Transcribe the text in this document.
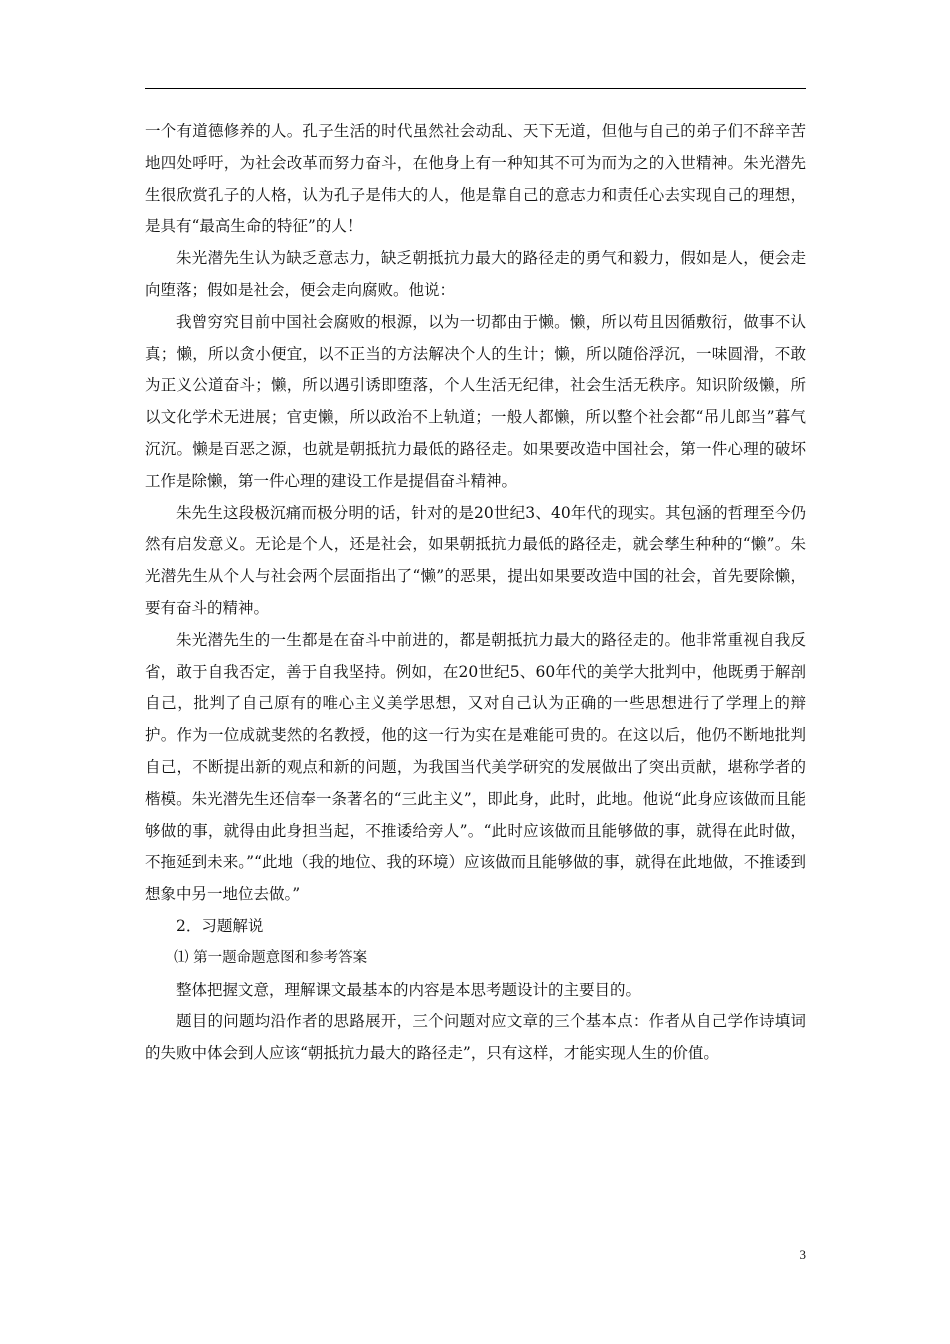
一个有道德修养的人。孔子生活的时代虽然社会动乱、天下无道，但他与自己的弟子们不辞辛苦地四处呼吁，为社会改革而努力奋斗，在他身上有一种知其不可为而为之的入世精神。朱光潜先生很欣赏孔子的人格，认为孔子是伟大的人，他是靠自己的意志力和责任心去实现自己的理想，是具有“最高生命的特征”的人！

朱光潜先生认为缺乏意志力，缺乏朝抵抗力最大的路径走的勇气和毅力，假如是人，便会走向堕落；假如是社会，便会走向腐败。他说：

我曾穷究目前中国社会腐败的根源，以为一切都由于懒。懒，所以苟且因循敷衍，做事不认真；懒，所以贪小便宜，以不正当的方法解决个人的生计；懒，所以随俗浮沉，一味圆滑，不敢为正义公道奋斗；懒，所以遇引诱即堕落，个人生活无纪律，社会生活无秩序。知识阶级懒，所以文化学术无进展；官吏懒，所以政治不上轨道；一般人都懒，所以整个社会都“吊儿郎当”暮气沉沉。懒是百恶之源，也就是朝抵抗力最低的路径走。如果要改造中国社会，第一件心理的破坏工作是除懒，第一件心理的建设工作是提倡奋斗精神。

朱先生这段极沉痛而极分明的话，针对的是20世纪3、40年代的现实。其包涵的哲理至今仍然有启发意义。无论是个人，还是社会，如果朝抵抗力最低的路径走，就会孳生种种的“懒”。朱光潜先生从个人与社会两个层面指出了“懒”的恶果，提出如果要改造中国的社会，首先要除懒，要有奋斗的精神。

朱光潜先生的一生都是在奋斗中前进的，都是朝抵抗力最大的路径走的。他非常重视自我反省，敢于自我否定，善于自我坚持。例如，在20世纪5、60年代的美学大批判中，他既勇于解剖自己，批判了自己原有的唯心主义美学思想，又对自己认为正确的一些思想进行了学理上的辩护。作为一位成就斐然的名教授，他的这一行为实在是难能可贵的。在这以后，他仍不断地批判自己，不断提出新的观点和新的问题，为我国当代美学研究的发展做出了突出贡献，堪称学者的楷模。朱光潜先生还信奉一条著名的“三此主义”，即此身，此时，此地。他说“此身应该做而且能够做的事，就得由此身担当起，不推诿给旁人”。“此时应该做而且能够做的事，就得在此时做，不拖延到未来。”“此地（我的地位、我的环境）应该做而且能够做的事，就得在此地做，不推诿到想象中另一地位去做。”

2．习题解说

⑴ 第一题命题意图和参考答案

整体把握文意，理解课文最基本的内容是本思考题设计的主要目的。

题目的问题均沿作者的思路展开，三个问题对应文章的三个基本点：作者从自己学作诗填词的失败中体会到人应该“朝抵抗力最大的路径走”，只有这样，才能实现人生的价值。

3
